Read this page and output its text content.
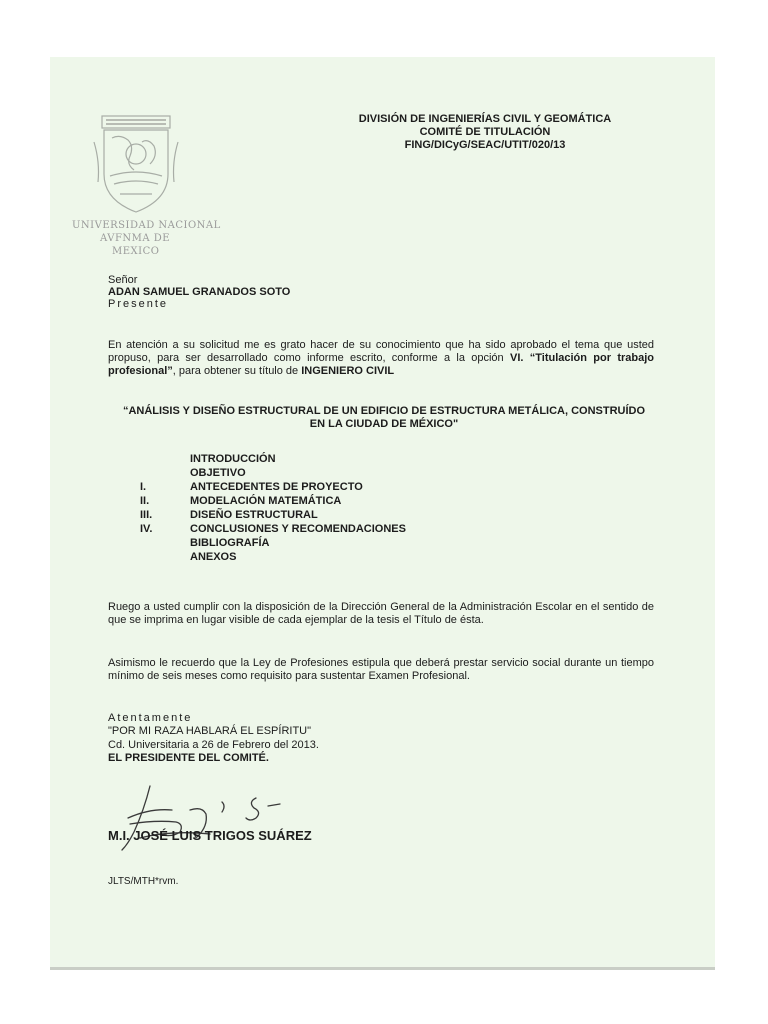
UNIVERSIDAD NACIONAL
AVFNMA DE
MEXICO
DIVISIÓN DE INGENIERÍAS CIVIL Y GEOMÁTICA
COMITÉ DE TITULACIÓN
FING/DICyG/SEAC/UTIT/020/13
Señor
ADAN SAMUEL GRANADOS SOTO
Presente
En atención a su solicitud me es grato hacer de su conocimiento que ha sido aprobado el tema que usted propuso, para ser desarrollado como informe escrito, conforme a la opción VI. “Titulación por trabajo profesional”, para obtener su título de INGENIERO CIVIL
“ANÁLISIS Y DISEÑO ESTRUCTURAL DE UN EDIFICIO DE ESTRUCTURA METÁLICA, CONSTRUÍDO
EN LA CIUDAD DE MÉXICO"
INTRODUCCIÓN
OBJETIVO
I.	ANTECEDENTES DE PROYECTO
II.	MODELACIÓN MATEMÁTICA
III.	DISEÑO ESTRUCTURAL
IV.	CONCLUSIONES Y RECOMENDACIONES
BIBLIOGRAFÍA
ANEXOS
Ruego a usted cumplir con la disposición de la Dirección General de la Administración Escolar en el sentido de que se imprima en lugar visible de cada ejemplar de la tesis el Título de ésta.
Asimismo le recuerdo que la Ley de Profesiones estipula que deberá prestar servicio social durante un tiempo mínimo de seis meses como requisito para sustentar Examen Profesional.
Atentamente
"POR MI RAZA HABLARÁ EL ESPÍRITU"
Cd. Universitaria a 26 de Febrero del 2013.
EL PRESIDENTE DEL COMITÉ.
M.I. JOSÉ LUIS TRIGOS SUÁREZ
JLTS/MTH*rvm.
